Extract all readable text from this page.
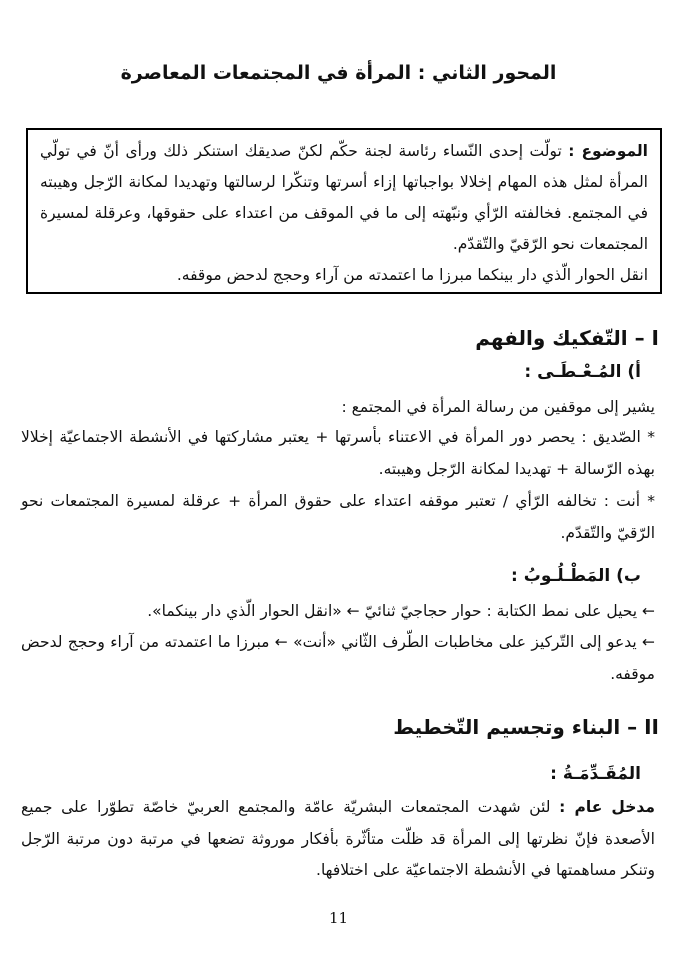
المحور الثاني : المرأة في المجتمعات المعاصرة
الموضوع : تولّت إحدى النّساء رئاسة لجنة حكّم لكنّ صديقك استنكر ذلك ورأى أنّ في تولّي المرأة لمثل هذه المهام إخلالا بواجباتها إزاء أسرتها وتنكّرا لرسالتها وتهديدا لمكانة الرّجل وهيبته في المجتمع. فخالفته الرّأي ونبّهته إلى ما في الموقف من اعتداء على حقوقها، وعرقلة لمسيرة المجتمعات نحو الرّقيّ والتّقدّم.
انقل الحوار الّذي دار بينكما مبرزا ما اعتمدته من آراء وحجج لدحض موقفه.
I – التّفكيك والفهم
أ) المُـعْـطَـى :
يشير إلى موقفين من رسالة المرأة في المجتمع :
* الصّديق : يحصر دور المرأة في الاعتناء بأسرتها + يعتبر مشاركتها في الأنشطة الاجتماعيّة إخلالا بهذه الرّسالة + تهديدا لمكانة الرّجل وهيبته.
* أنت : تخالفه الرّأي / تعتبر موقفه اعتداء على حقوق المرأة + عرقلة لمسيرة المجتمعات نحو الرّقيّ والتّقدّم.
ب) المَطْـلُـوبُ :
← يحيل على نمط الكتابة : حوار حجاجيّ ثنائيّ ← «انقل الحوار الّذي دار بينكما».
← يدعو إلى التّركيز على مخاطبات الطّرف الثّاني «أنت» ← مبرزا ما اعتمدته من آراء وحجج لدحض موقفه.
II – البناء وتجسيم التّخطيط
المُقَـدِّمَـةُ :
مدخل عام : لئن شهدت المجتمعات البشريّة عامّة والمجتمع العربيّ خاصّة تطوّرا على جميع الأصعدة فإنّ نظرتها إلى المرأة قد ظلّت متأثّرة بأفكار موروثة تضعها في مرتبة دون مرتبة الرّجل وتنكر مساهمتها في الأنشطة الاجتماعيّة على اختلافها.
11
